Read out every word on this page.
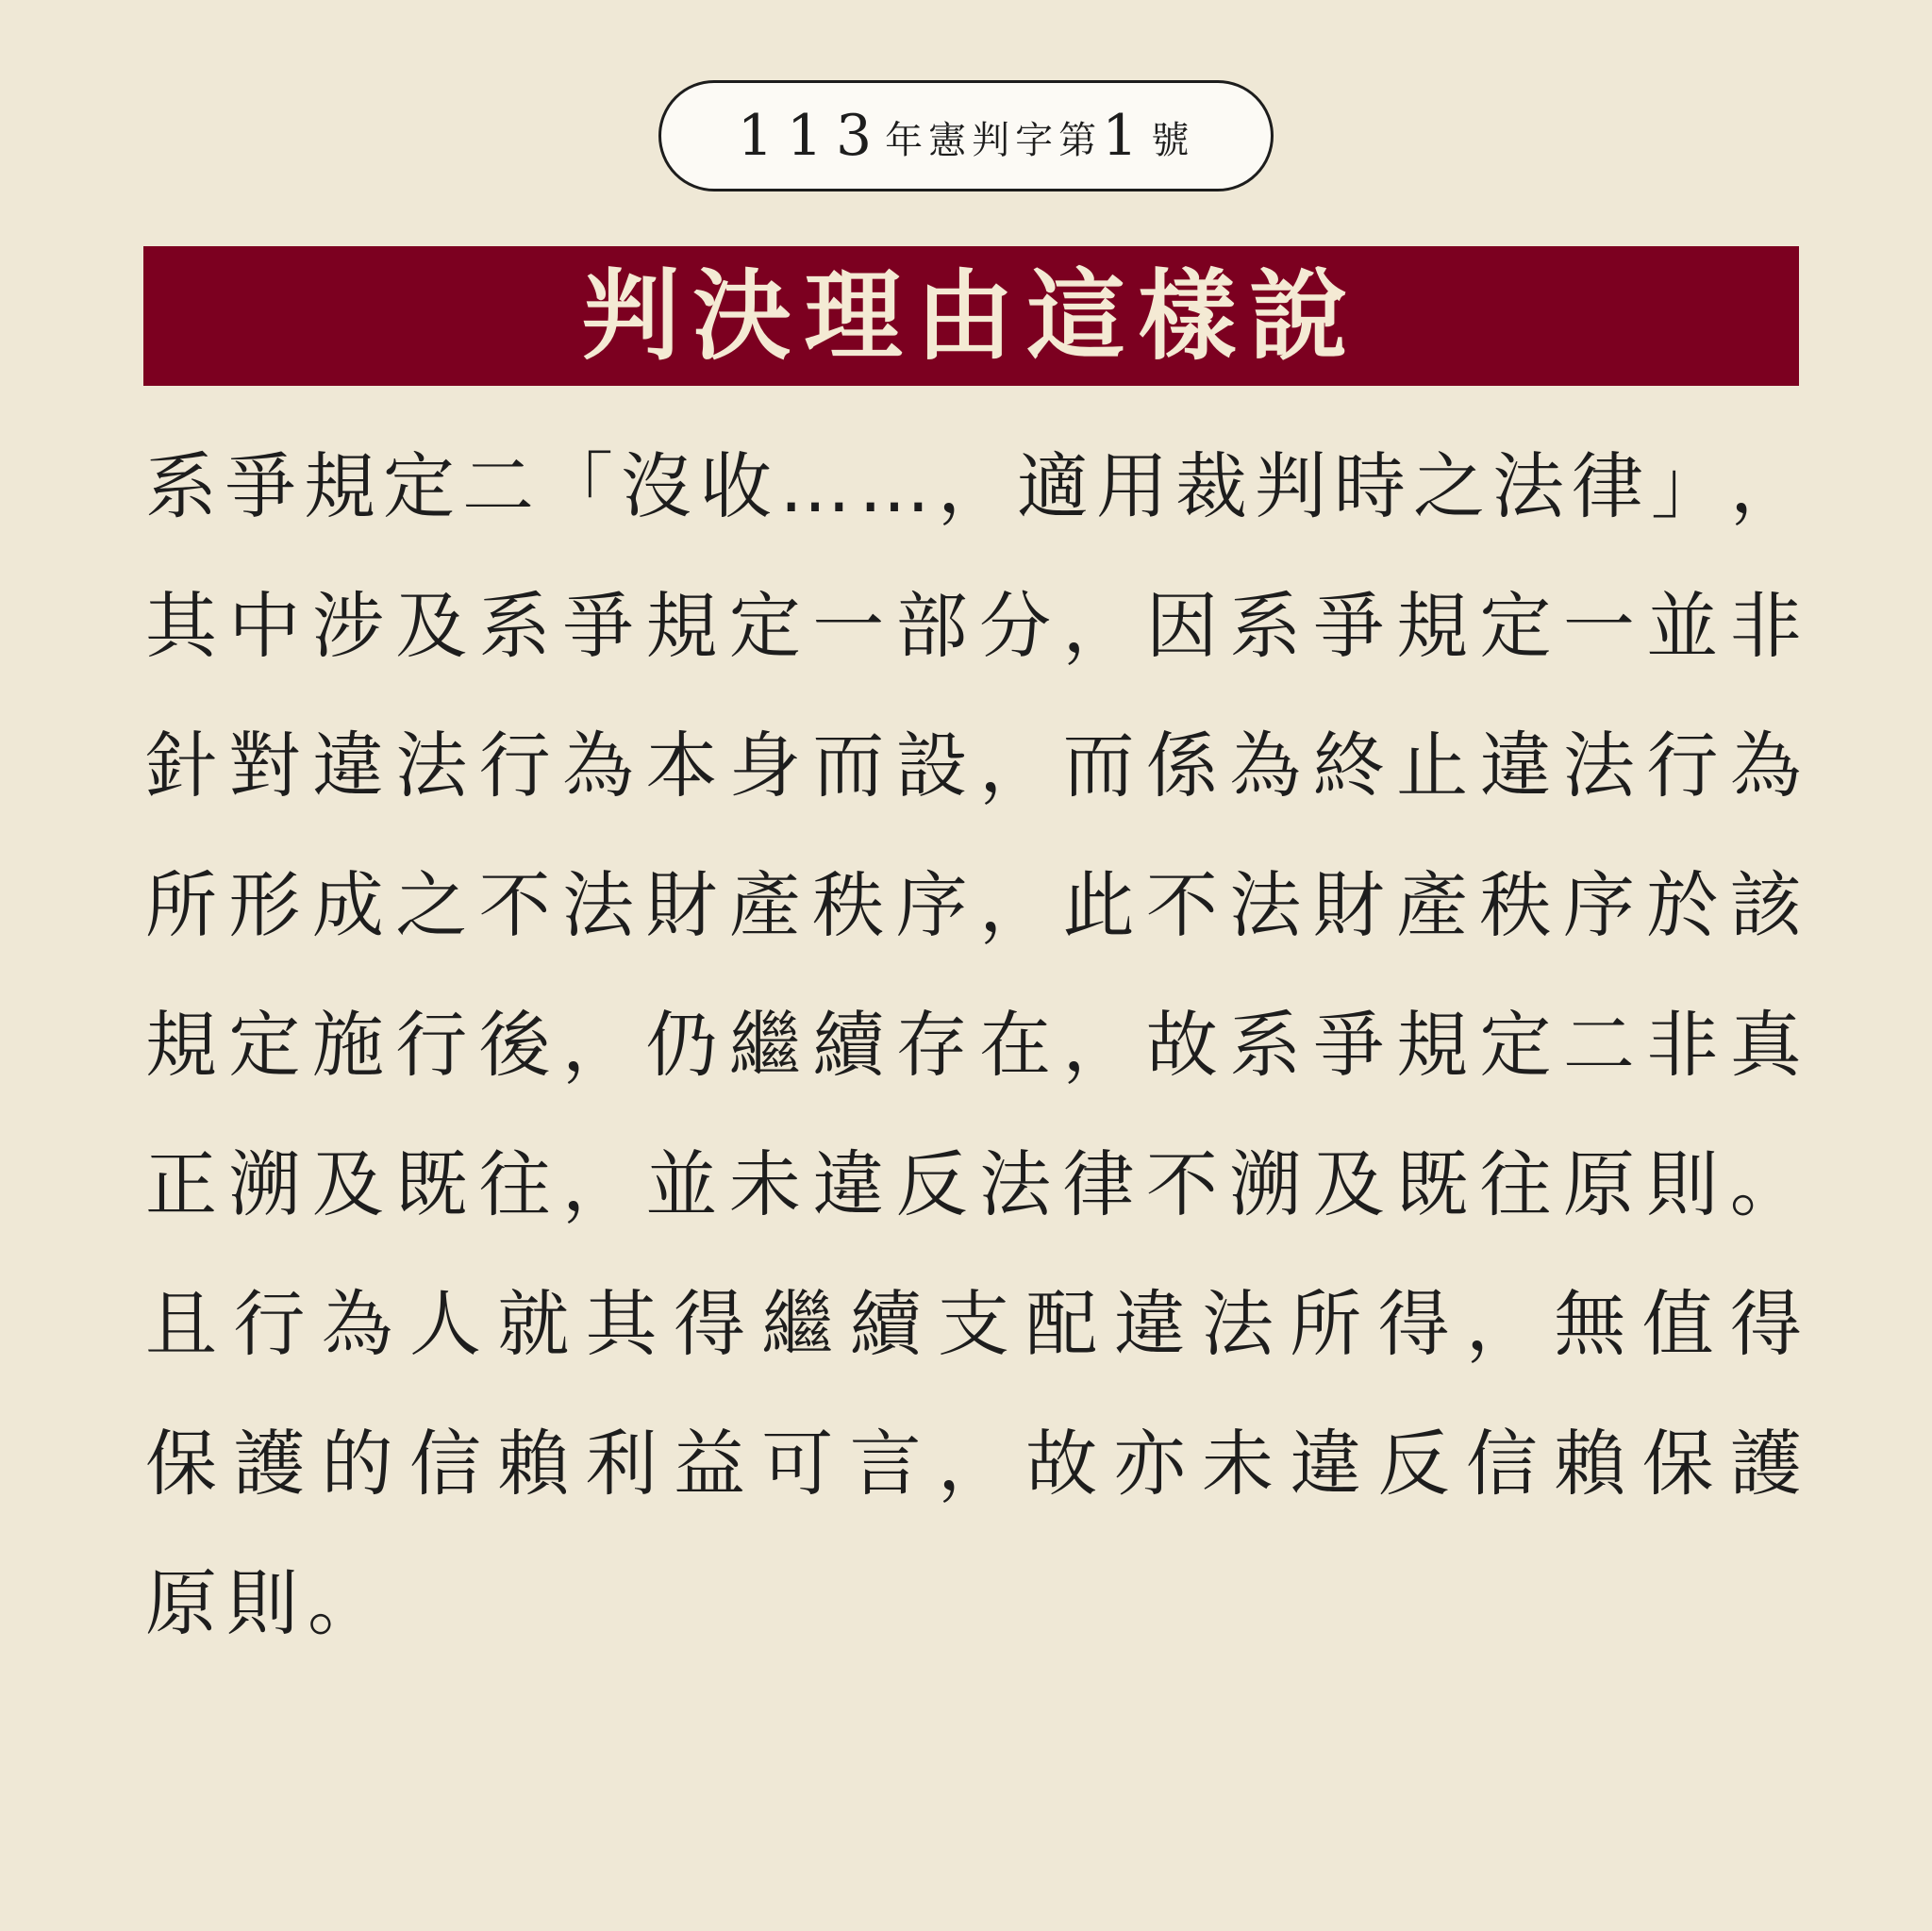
113 年憲判字第 1 號
判決理由這樣說
系 爭 規 定 二 「 沒 收 … … ， 適 用 裁 判 時 之 法 律 」 ，
其 中 涉 及 系 爭 規 定 一 部 分 ， 因 系 爭 規 定 一 並 非
針 對 違 法 行 為 本 身 而 設 ， 而 係 為 終 止 違 法 行 為
所 形 成 之 不 法 財 產 秩 序 ， 此 不 法 財 產 秩 序 於 該
規 定 施 行 後 ， 仍 繼 續 存 在 ， 故 系 爭 規 定 二 非 真
正 溯 及 既 往 ， 並 未 違 反 法 律 不 溯 及 既 往 原 則 。
且 行 為 人 就 其 得 繼 續 支 配 違 法 所 得 ， 無 值 得
保 護 的 信 賴 利 益 可 言 ， 故 亦 未 違 反 信 賴 保 護
原則。
